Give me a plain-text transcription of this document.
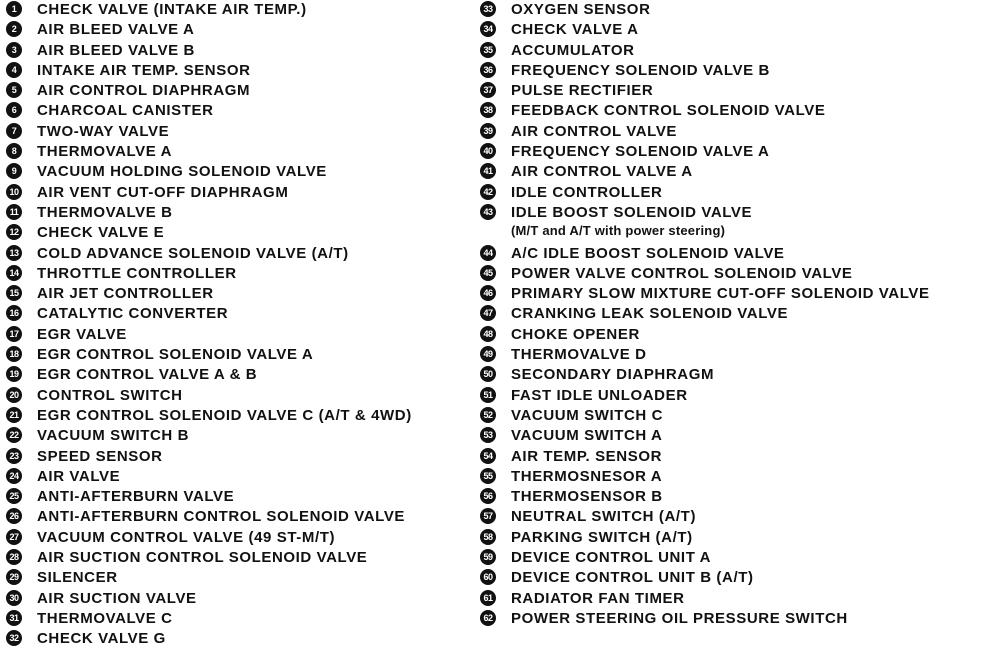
1	CHECK VALVE (INTAKE AIR TEMP.)
2	AIR BLEED VALVE A
3	AIR BLEED VALVE B
4	INTAKE AIR TEMP. SENSOR
5	AIR CONTROL DIAPHRAGM
6	CHARCOAL CANISTER
7	TWO-WAY VALVE
8	THERMOVALVE A
9	VACUUM HOLDING SOLENOID VALVE
10 AIR VENT CUT-OFF DIAPHRAGM
11 THERMOVALVE B
12 CHECK VALVE E
13 COLD ADVANCE SOLENOID VALVE (A/T)
14 THROTTLE CONTROLLER
15 AIR JET CONTROLLER
16 CATALYTIC CONVERTER
17 EGR VALVE
18 EGR CONTROL SOLENOID VALVE A
19 EGR CONTROL VALVE A & B
20 CONTROL SWITCH
21 EGR CONTROL SOLENOID VALVE C (A/T & 4WD)
22 VACUUM SWITCH B
23 SPEED SENSOR
24 AIR VALVE
25 ANTI-AFTERBURN VALVE
26 ANTI-AFTERBURN CONTROL SOLENOID VALVE
27 VACUUM CONTROL VALVE (49 ST-M/T)
28 AIR SUCTION CONTROL SOLENOID VALVE
29 SILENCER
30 AIR SUCTION VALVE
31 THERMOVALVE C
32 CHECK VALVE G
33 OXYGEN SENSOR
34 CHECK VALVE A
35 ACCUMULATOR
36 FREQUENCY SOLENOID VALVE B
37 PULSE RECTIFIER
38 FEEDBACK CONTROL SOLENOID VALVE
39 AIR CONTROL VALVE
40 FREQUENCY SOLENOID VALVE A
41 AIR CONTROL VALVE A
42 IDLE CONTROLLER
43 IDLE BOOST SOLENOID VALVE
(M/T and A/T with power steering)
44 A/C IDLE BOOST SOLENOID VALVE
45 POWER VALVE CONTROL SOLENOID VALVE
46 PRIMARY SLOW MIXTURE CUT-OFF SOLENOID VALVE
47 CRANKING LEAK SOLENOID VALVE
48 CHOKE OPENER
49 THERMOVALVE D
50 SECONDARY DIAPHRAGM
51 FAST IDLE UNLOADER
52 VACUUM SWITCH C
53 VACUUM SWITCH A
54 AIR TEMP. SENSOR
55 THERMOSNESOR A
56 THERMOSENSOR B
57 NEUTRAL SWITCH (A/T)
58 PARKING SWITCH (A/T)
59 DEVICE CONTROL UNIT A
60 DEVICE CONTROL UNIT B (A/T)
61 RADIATOR FAN TIMER
62 POWER STEERING OIL PRESSURE SWITCH
